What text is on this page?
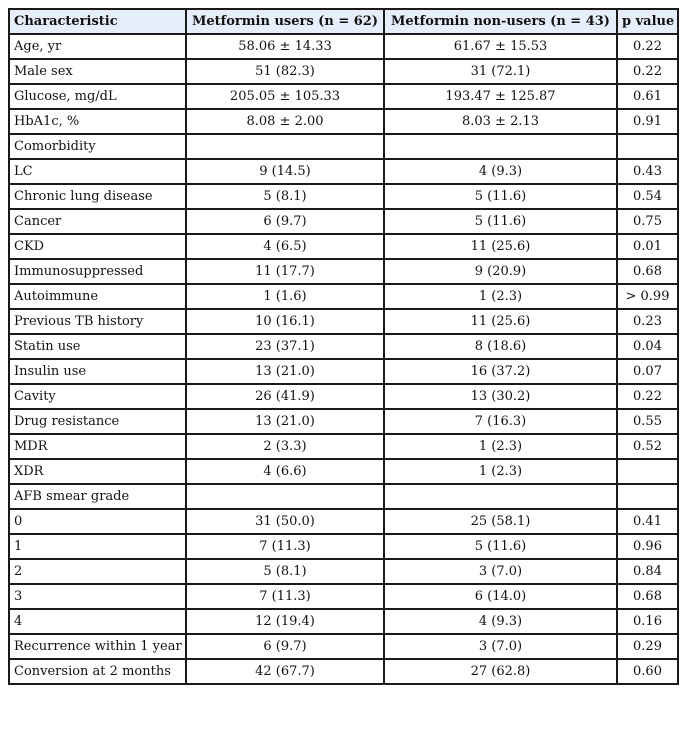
Characteristic	Metformin users (n = 62)	Metformin non-users (n = 43)	p value
Age, yr	58.06 ± 14.33	61.67 ± 15.53	0.22
Male sex	51 (82.3)	31 (72.1)	0.22
Glucose, mg/dL	205.05 ± 105.33	193.47 ± 125.87	0.61
HbA1c, %	8.08 ± 2.00	8.03 ± 2.13	0.91
Comorbidity			
LC	9 (14.5)	4 (9.3)	0.43
Chronic lung disease	5 (8.1)	5 (11.6)	0.54
Cancer	6 (9.7)	5 (11.6)	0.75
CKD	4 (6.5)	11 (25.6)	0.01
Immunosuppressed	11 (17.7)	9 (20.9)	0.68
Autoimmune	1 (1.6)	1 (2.3)	> 0.99
Previous TB history	10 (16.1)	11 (25.6)	0.23
Statin use	23 (37.1)	8 (18.6)	0.04
Insulin use	13 (21.0)	16 (37.2)	0.07
Cavity	26 (41.9)	13 (30.2)	0.22
Drug resistance	13 (21.0)	7 (16.3)	0.55
MDR	2 (3.3)	1 (2.3)	0.52
XDR	4 (6.6)	1 (2.3)	
AFB smear grade			
0	31 (50.0)	25 (58.1)	0.41
1	7 (11.3)	5 (11.6)	0.96
2	5 (8.1)	3 (7.0)	0.84
3	7 (11.3)	6 (14.0)	0.68
4	12 (19.4)	4 (9.3)	0.16
Recurrence within 1 year	6 (9.7)	3 (7.0)	0.29
Conversion at 2 months	42 (67.7)	27 (62.8)	0.60
